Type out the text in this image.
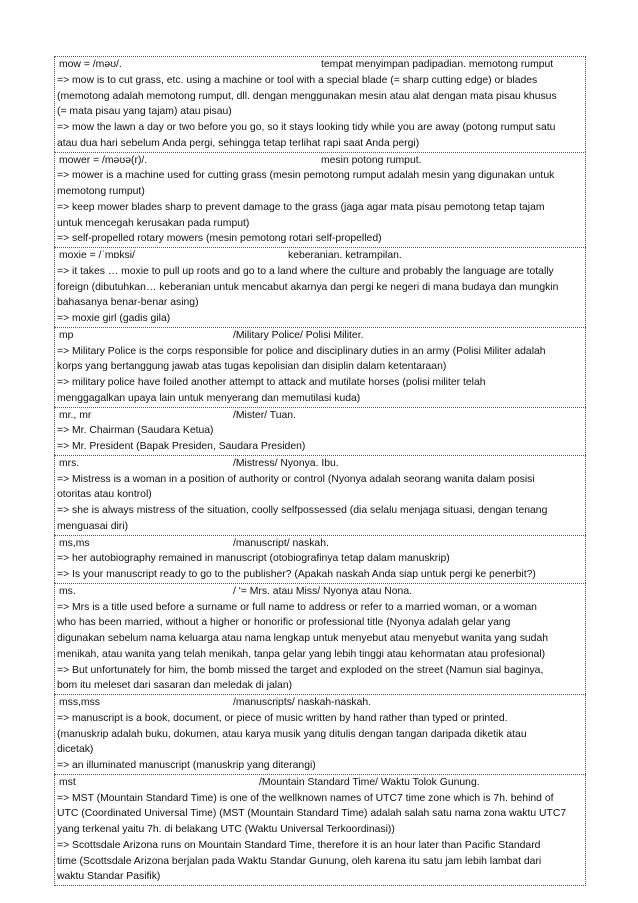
mow = /məʊ/.	tempat menyimpan padipadian. memotong rumput
=> mow is to cut grass, etc. using a machine or tool with a special blade (= sharp cutting edge) or blades
(memotong adalah memotong rumput, dll. dengan menggunakan mesin atau alat dengan mata pisau khusus
(= mata pisau yang tajam) atau pisau)
=> mow the lawn a day or two before you go, so it stays looking tidy while you are away (potong rumput satu
atau dua hari sebelum Anda pergi, sehingga tetap terlihat rapi saat Anda pergi)
mower = /məʊə(r)/.	mesin potong rumput.
=> mower is a machine used for cutting grass (mesin pemotong rumput adalah mesin yang digunakan untuk
memotong rumput)
=> keep mower blades sharp to prevent damage to the grass (jaga agar mata pisau pemotong tetap tajam
untuk mencegah kerusakan pada rumput)
=> self-propelled rotary mowers (mesin pemotong rotari self-propelled)
moxie = /ˈmɒksi/	keberanian. ketrampilan.
=> it takes … moxie to pull up roots and go to a land where the culture and probably the language are totally
foreign (dibutuhkan… keberanian untuk mencabut akarnya dan pergi ke negeri di mana budaya dan mungkin
bahasanya benar-benar asing)
=> moxie girl (gadis gila)
mp	/Military Police/ Polisi Militer.
=> Military Police is the corps responsible for police and disciplinary duties in an army (Polisi Militer adalah
korps yang bertanggung jawab atas tugas kepolisian dan disiplin dalam ketentaraan)
=> military police have foiled another attempt to attack and mutilate horses (polisi militer telah
menggagalkan upaya lain untuk menyerang dan memutilasi kuda)
mr., mr	/Mister/ Tuan.
=> Mr. Chairman (Saudara Ketua)
=> Mr. President (Bapak Presiden, Saudara Presiden)
mrs.	/Mistress/ Nyonya. Ibu.
=> Mistress is a woman in a position of authority or control (Nyonya adalah seorang wanita dalam posisi
otoritas atau kontrol)
=> she is always mistress of the situation, coolly selfpossessed (dia selalu menjaga situasi, dengan tenang
menguasai diri)
ms,ms	/manuscript/ naskah.
=> her autobiography remained in manuscript (otobiografinya tetap dalam manuskrip)
=> Is your manuscript ready to go to the publisher? (Apakah naskah Anda siap untuk pergi ke penerbit?)
ms.	/ '= Mrs. atau Miss/ Nyonya atau Nona.
=> Mrs is a title used before a surname or full name to address or refer to a married woman, or a woman
who has been married, without a higher or honorific or professional title (Nyonya adalah gelar yang
digunakan sebelum nama keluarga atau nama lengkap untuk menyebut atau menyebut wanita yang sudah
menikah, atau wanita yang telah menikah, tanpa gelar yang lebih tinggi atau kehormatan atau profesional)
=> But unfortunately for him, the bomb missed the target and exploded on the street (Namun sial baginya,
bom itu meleset dari sasaran dan meledak di jalan)
mss,mss	/manuscripts/ naskah-naskah.
=> manuscript is a book, document, or piece of music written by hand rather than typed or printed.
(manuskrip adalah buku, dokumen, atau karya musik yang ditulis dengan tangan daripada diketik atau
dicetak)
=> an illuminated manuscript (manuskrip yang diterangi)
mst	/Mountain Standard Time/ Waktu Tolok Gunung.
=> MST (Mountain Standard Time) is one of the wellknown names of UTC7 time zone which is 7h. behind of
UTC (Coordinated Universal Time) (MST (Mountain Standard Time) adalah salah satu nama zona waktu UTC7
yang terkenal yaitu 7h. di belakang UTC (Waktu Universal Terkoordinasi))
=> Scottsdale Arizona runs on Mountain Standard Time, therefore it is an hour later than Pacific Standard
time (Scottsdale Arizona berjalan pada Waktu Standar Gunung, oleh karena itu satu jam lebih lambat dari
waktu Standar Pasifik)
